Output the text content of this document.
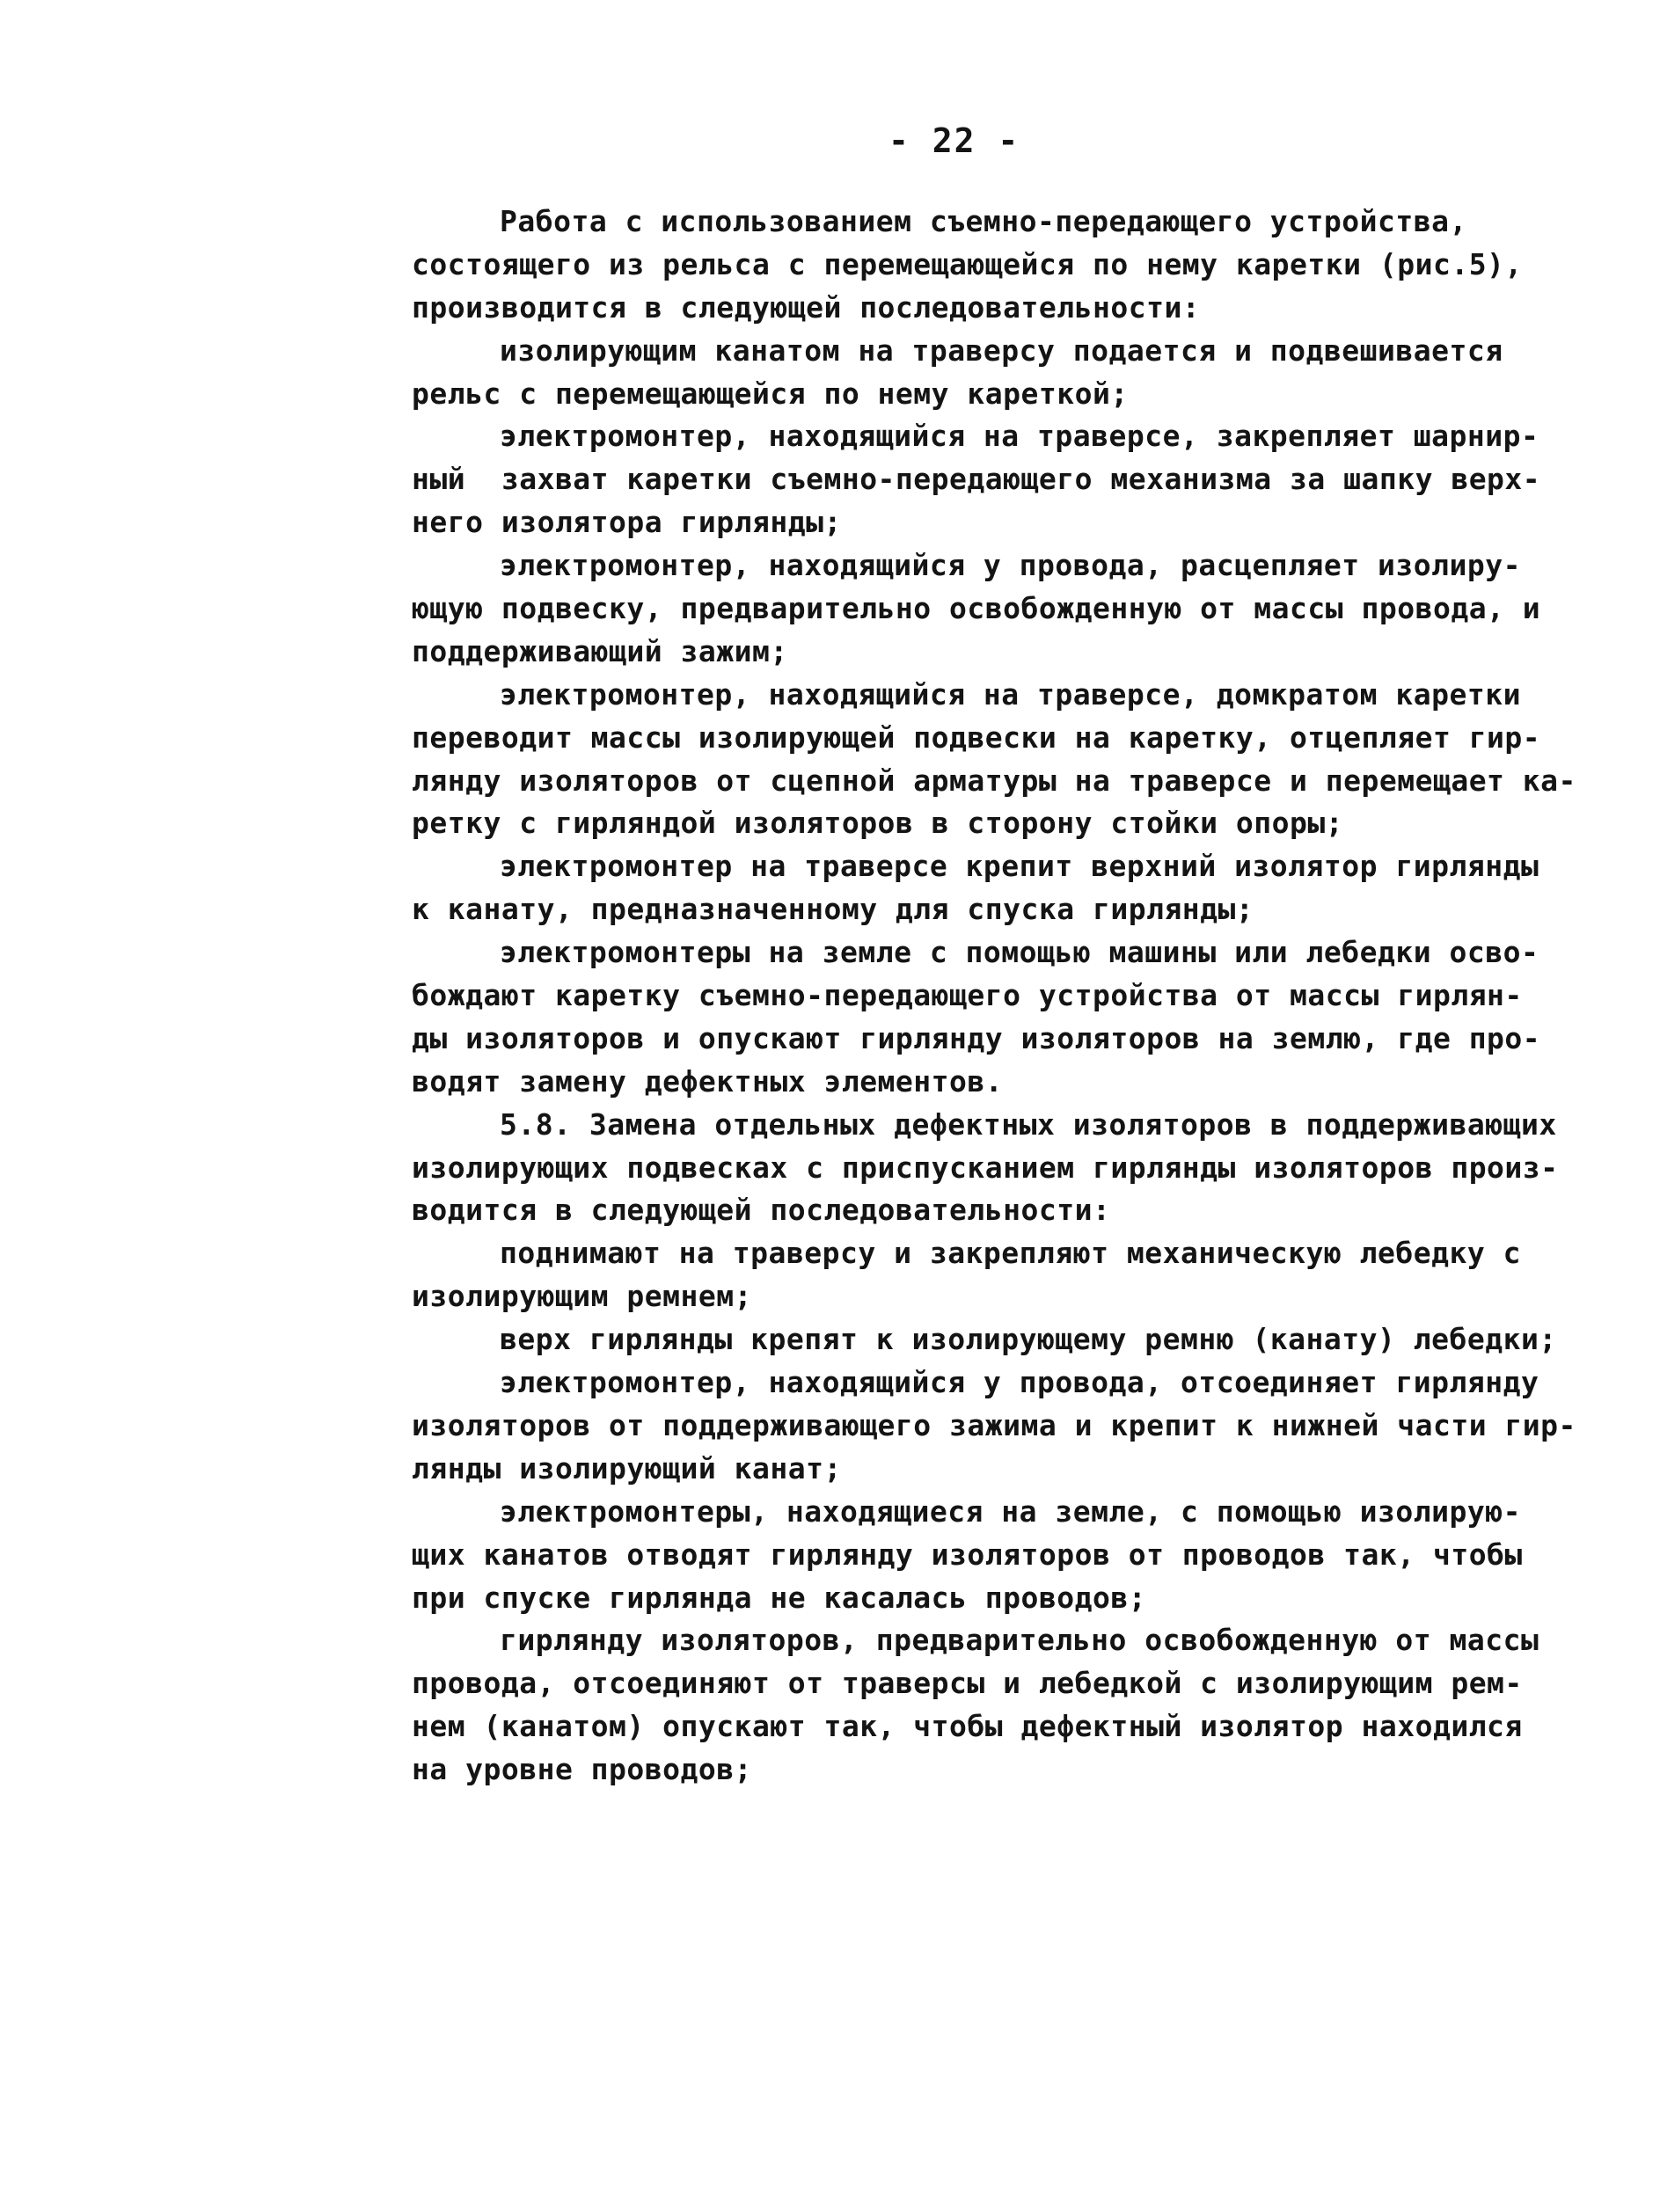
- 22 -
Работа с использованием съемно-передающего устройства,
состоящего из рельса с перемещающейся по нему каретки (рис.5),
производится в следующей последовательности:
изолирующим канатом на траверсу подается и подвешивается
рельс с перемещающейся по нему кареткой;
электромонтер, находящийся на траверсе, закрепляет шарнир-
ный  захват каретки съемно-передающего механизма за шапку верх-
него изолятора гирлянды;
электромонтер, находящийся у провода, расцепляет изолиру-
ющую подвеску, предварительно освобожденную от массы провода, и
поддерживающий зажим;
электромонтер, находящийся на траверсе, домкратом каретки
переводит массы изолирующей подвески на каретку, отцепляет гир-
лянду изоляторов от сцепной арматуры на траверсе и перемещает ка-
ретку с гирляндой изоляторов в сторону стойки опоры;
электромонтер на траверсе крепит верхний изолятор гирлянды
к канату, предназначенному для спуска гирлянды;
электромонтеры на земле с помощью машины или лебедки осво-
бождают каретку съемно-передающего устройства от массы гирлян-
ды изоляторов и опускают гирлянду изоляторов на землю, где про-
водят замену дефектных элементов.
5.8. Замена отдельных дефектных изоляторов в поддерживающих
изолирующих подвесках с приспусканием гирлянды изоляторов произ-
водится в следующей последовательности:
поднимают на траверсу и закрепляют механическую лебедку с
изолирующим ремнем;
верх гирлянды крепят к изолирующему ремню (канату) лебедки;
электромонтер, находящийся у провода, отсоединяет гирлянду
изоляторов от поддерживающего зажима и крепит к нижней части гир-
лянды изолирующий канат;
электромонтеры, находящиеся на земле, с помощью изолирую-
щих канатов отводят гирлянду изоляторов от проводов так, чтобы
при спуске гирлянда не касалась проводов;
гирлянду изоляторов, предварительно освобожденную от массы
провода, отсоединяют от траверсы и лебедкой с изолирующим рем-
нем (канатом) опускают так, чтобы дефектный изолятор находился
на уровне проводов;
